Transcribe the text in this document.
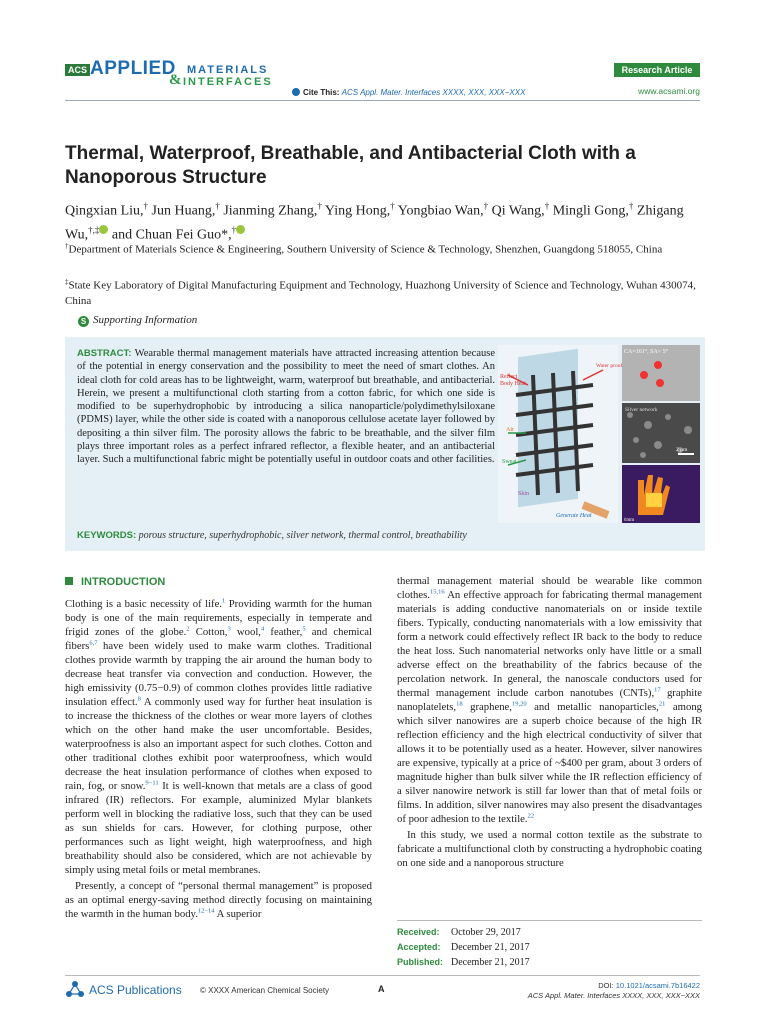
ACS APPLIED MATERIALS
& INTERFACES
Research Article
Cite This: ACS Appl. Mater. Interfaces XXXX, XXX, XXX−XXX	www.acsami.org
Thermal, Waterproof, Breathable, and Antibacterial Cloth with a Nanoporous Structure
Qingxian Liu,† Jun Huang,† Jianming Zhang,† Ying Hong,† Yongbiao Wan,† Qi Wang,† Mingli Gong,† Zhigang Wu,†,‡ and Chuan Fei Guo*,†
†Department of Materials Science & Engineering, Southern University of Science & Technology, Shenzhen, Guangdong 518055, China
‡State Key Laboratory of Digital Manufacturing Equipment and Technology, Huazhong University of Science and Technology, Wuhan 430074, China
S Supporting Information
ABSTRACT: Wearable thermal management materials have attracted increasing attention because of the potential in energy conservation and the possibility to meet the need of smart clothes. An ideal cloth for cold areas has to be lightweight, warm, waterproof but breathable, and antibacterial. Herein, we present a multifunctional cloth starting from a cotton fabric, for which one side is modified to be superhydrophobic by introducing a silica nanoparticle/polydimethylsiloxane (PDMS) layer, while the other side is coated with a nanoporous cellulose acetate layer followed by depositing a thin silver film. The porosity allows the fabric to be breathable, and the silver film plays three important roles as a perfect infrared reflector, a flexible heater, and an antibacterial layer. Such a multifunctional fabric might be potentially useful in outdoor coats and other facilities.
Reflect
Body Heat
Water proof
Air
Sweat
Skin
Generate Heat
CA=161°, SA< 5°
Silver network
2 μm
ℓmm
KEYWORDS: porous structure, superhydrophobic, silver network, thermal control, breathability
INTRODUCTION

Clothing is a basic necessity of life.$^1$ Providing warmth for the human body is one of the main requirements, especially in temperate and frigid zones of the globe.$^2$ Cotton,$^3$ wool,$^4$ feather,$^5$ and chemical fibers$^{6,7}$ have been widely used to make warm clothes. Traditional clothes provide warmth by trapping the air around the human body to decrease heat transfer via convection and conduction. However, the high emissivity (0.75−0.9) of common clothes provides little radiative insulation effect.$^8$ A commonly used way for further heat insulation is to increase the thickness of the clothes or wear more layers of clothes which on the other hand make the user uncomfortable. Besides, waterproofness is also an important aspect for such clothes. Cotton and other traditional clothes exhibit poor waterproofness, which would decrease the heat insulation performance of clothes when exposed to rain, fog, or snow.$^{9-11}$ It is well-known that metals are a class of good infrared (IR) reflectors. For example, aluminized Mylar blankets perform well in blocking the radiative loss, such that they can be used as sun shields for cars. However, for clothing purpose, other performances such as light weight, high waterproofness, and high breathability should also be considered, which are not achievable by simply using metal foils or metal membranes.

Presently, a concept of “personal thermal management” is proposed as an optimal energy-saving method directly focusing on maintaining the warmth in the human body.$^{12-14}$ A superior

thermal management material should be wearable like common clothes.$^{15,16}$ An effective approach for fabricating thermal management materials is adding conductive nanomaterials on or inside textile fibers. Typically, conducting nanomaterials with a low emissivity that form a network could effectively reflect IR back to the body to reduce the heat loss. Such nanomaterial networks only have little or a small adverse effect on the breathability of the fabrics because of the percolation network. In general, the nanoscale conductors used for thermal management include carbon nanotubes (CNTs),$^{17}$ graphite nanoplatelets,$^{18}$ graphene,$^{19,20}$ and metallic nanoparticles,$^{21}$ among which silver nanowires are a superb choice because of the high IR reflection efficiency and the high electrical conductivity of silver that allows it to be potentially used as a heater. However, silver nanowires are expensive, typically at a price of ~$400 per gram, about 3 orders of magnitude higher than bulk silver while the IR reflection efficiency of a silver nanowire network is still far lower than that of metal foils or films. In addition, silver nanowires may also present the disadvantages of poor adhesion to the textile.$^{22}$

In this study, we used a normal cotton textile as the substrate to fabricate a multifunctional cloth by constructing a hydrophobic coating on one side and a nanoporous structure

Received: October 29, 2017
Accepted: December 21, 2017
Published: December 21, 2017
ACS Publications © XXXX American Chemical Society	A	DOI: 10.1021/acsami.7b16422
ACS Appl. Mater. Interfaces XXXX, XXX, XXX−XXX
